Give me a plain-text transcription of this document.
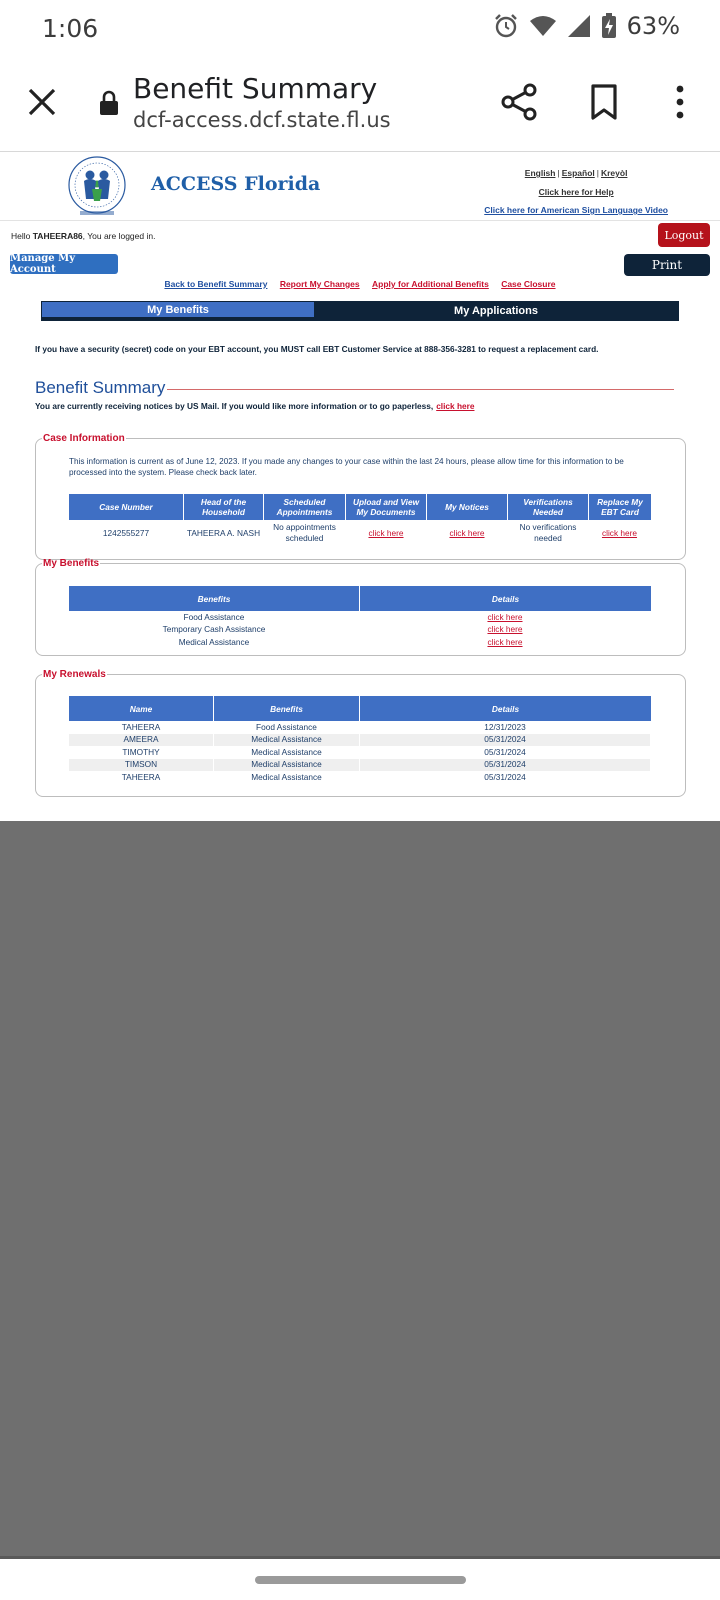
1:06	63%
Benefit Summary
dcf-access.dcf.state.fl.us
ACCESS Florida	English | Español | Kreyòl
Click here for Help
Click here for American Sign Language Video
Hello TAHEERA86, You are logged in.	Logout
Manage My Account	Print
Back to Benefit Summary Report My Changes Apply for Additional Benefits Case Closure
My Benefits	My Applications
If you have a security (secret) code on your EBT account, you MUST call EBT Customer Service at 888-356-3281 to request a replacement card.
Benefit Summary
You are currently receiving notices by US Mail. If you would like more information or to go paperless, click here
Case Information
This information is current as of June 12, 2023. If you made any changes to your case within the last 24 hours, please allow time for this information to be processed into the system. Please check back later.
Case Number	Head of the Household	Scheduled Appointments	Upload and View My Documents	My Notices	Verifications Needed	Replace My EBT Card
1242555277	TAHEERA A. NASH	No appointments scheduled	click here	click here	No verifications needed	click here
My Benefits
Benefits	Details
Food Assistance	click here
Temporary Cash Assistance	click here
Medical Assistance	click here
My Renewals
Name	Benefits	Details
TAHEERA	Food Assistance	12/31/2023
AMEERA	Medical Assistance	05/31/2024
TIMOTHY	Medical Assistance	05/31/2024
TIMSON	Medical Assistance	05/31/2024
TAHEERA	Medical Assistance	05/31/2024
